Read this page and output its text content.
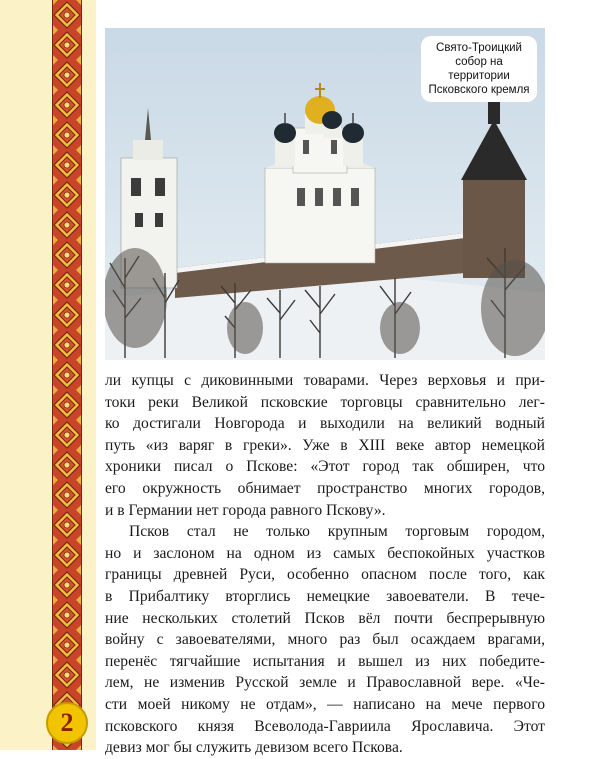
2
Свято-Троицкий
собор на территории
Псковского кремля

ли купцы с диковинными товарами. Через верховья и при-
токи реки Великой псковские торговцы сравнительно лег-
ко достигали Новгорода и выходили на великий водный
путь «из варяг в греки». Уже в XIII веке автор немецкой
хроники писал о Пскове: «Этот город так обширен, что
его окружность обнимает пространство многих городов,
и в Германии нет города равного Пскову».

Псков стал не только крупным торговым городом,
но и заслоном на одном из самых беспокойных участков
границы древней Руси, особенно опасном после того, как
в Прибалтику вторглись немецкие завоеватели. В тече-
ние нескольких столетий Псков вёл почти беспрерывную
войну с завоевателями, много раз был осаждаем врагами,
перенёс тягчайшие испытания и вышел из них победите-
лем, не изменив Русской земле и Православной вере. «Че-
сти моей никому не отдам», — написано на мече первого
псковского князя Всеволода-Гавриила Ярославича. Этот
девиз мог бы служить девизом всего Пскова.
